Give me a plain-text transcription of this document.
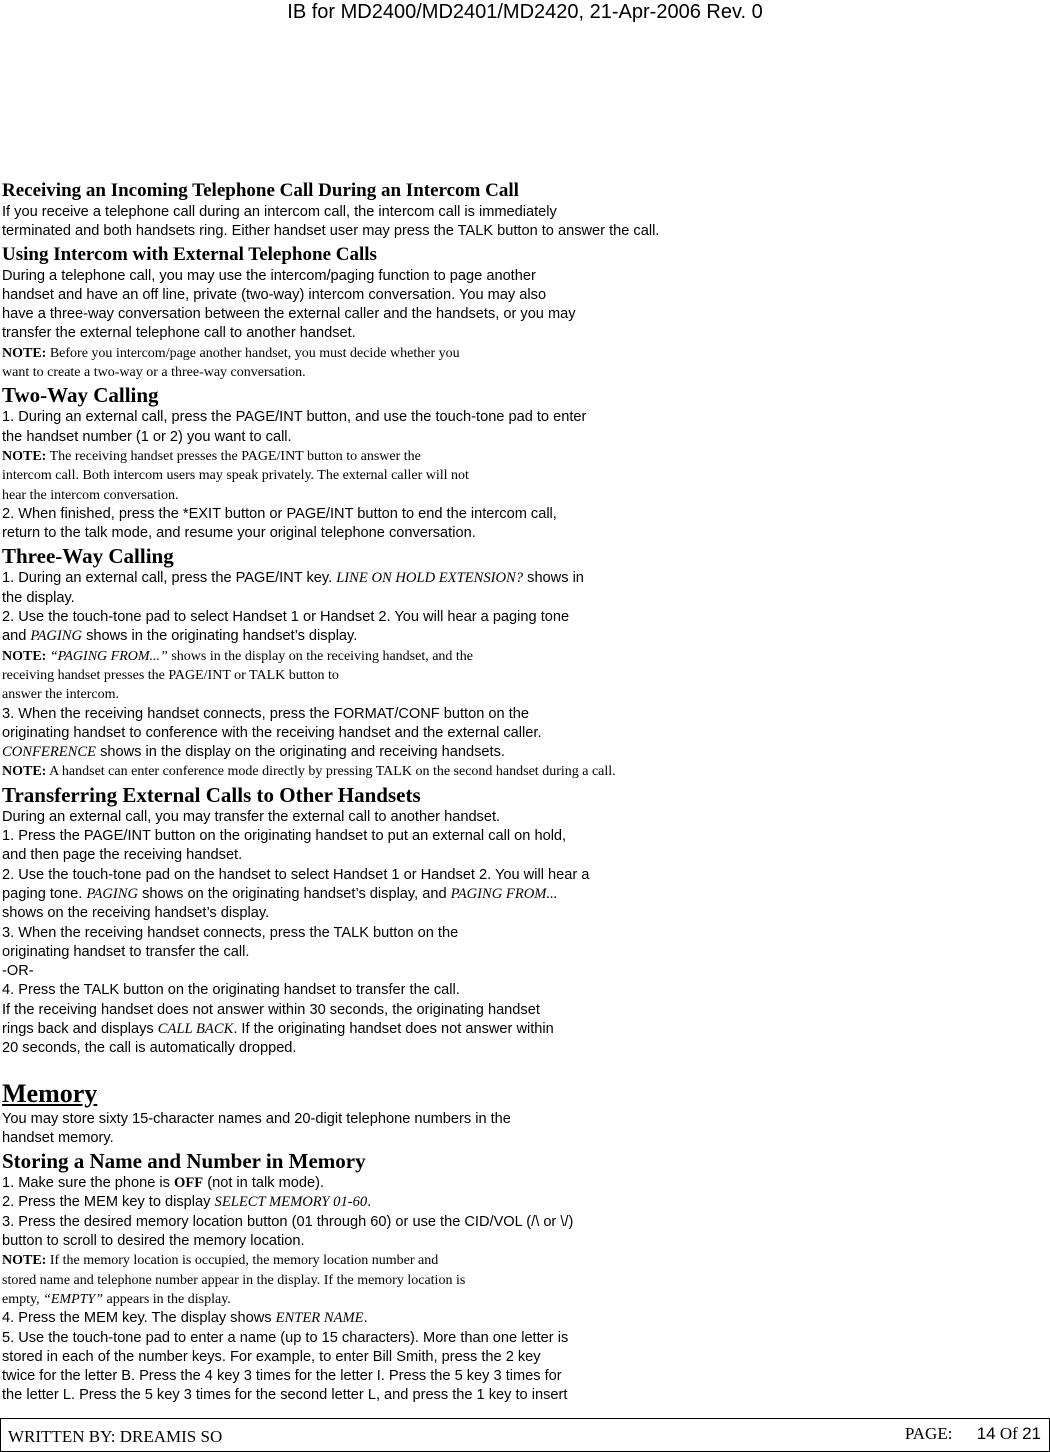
IB for MD2400/MD2401/MD2420, 21-Apr-2006 Rev. 0
Receiving an Incoming Telephone Call During an Intercom Call
If you receive a telephone call during an intercom call, the intercom call is immediately
terminated and both handsets ring. Either handset user may press the TALK button to answer the call.
Using Intercom with External Telephone Calls
During a telephone call, you may use the intercom/paging function to page another
handset and have an off line, private (two-way) intercom conversation. You may also
have a three-way conversation between the external caller and the handsets, or you may
transfer the external telephone call to another handset.
NOTE: Before you intercom/page another handset, you must decide whether you
want to create a two-way or a three-way conversation.
Two-Way Calling
1. During an external call, press the PAGE/INT button, and use the touch-tone pad to enter
the handset number (1 or 2) you want to call.
NOTE: The receiving handset presses the PAGE/INT button to answer the
intercom call. Both intercom users may speak privately. The external caller will not
hear the intercom conversation.
2. When finished, press the *EXIT button or PAGE/INT button to end the intercom call,
return to the talk mode, and resume your original telephone conversation.
Three-Way Calling
1. During an external call, press the PAGE/INT key. LINE ON HOLD EXTENSION? shows in
the display.
2. Use the touch-tone pad to select Handset 1 or Handset 2. You will hear a paging tone
and PAGING shows in the originating handset’s display.
NOTE: “PAGING FROM...” shows in the display on the receiving handset, and the
receiving handset presses the PAGE/INT or TALK button to
answer the intercom.
3. When the receiving handset connects, press the FORMAT/CONF button on the
originating handset to conference with the receiving handset and the external caller.
CONFERENCE shows in the display on the originating and receiving handsets.
NOTE: A handset can enter conference mode directly by pressing TALK on the second handset during a call.
Transferring External Calls to Other Handsets
During an external call, you may transfer the external call to another handset.
1. Press the PAGE/INT button on the originating handset to put an external call on hold,
and then page the receiving handset.
2. Use the touch-tone pad on the handset to select Handset 1 or Handset 2. You will hear a
paging tone. PAGING shows on the originating handset’s display, and PAGING FROM...
shows on the receiving handset’s display.
3. When the receiving handset connects, press the TALK button on the
originating handset to transfer the call.
-OR-
4. Press the TALK button on the originating handset to transfer the call.
If the receiving handset does not answer within 30 seconds, the originating handset
rings back and displays CALL BACK. If the originating handset does not answer within
20 seconds, the call is automatically dropped.
Memory
You may store sixty 15-character names and 20-digit telephone numbers in the
handset memory.
Storing a Name and Number in Memory
1. Make sure the phone is OFF (not in talk mode).
2. Press the MEM key to display SELECT MEMORY 01-60.
3. Press the desired memory location button (01 through 60) or use the CID/VOL (/\ or \/)
button to scroll to desired the memory location.
NOTE: If the memory location is occupied, the memory location number and
stored name and telephone number appear in the display. If the memory location is
empty, “EMPTY” appears in the display.
4. Press the MEM key. The display shows ENTER NAME.
5. Use the touch-tone pad to enter a name (up to 15 characters). More than one letter is
stored in each of the number keys. For example, to enter Bill Smith, press the 2 key
twice for the letter B. Press the 4 key 3 times for the letter I. Press the 5 key 3 times for
the letter L. Press the 5 key 3 times for the second letter L, and press the 1 key to insert
WRITTEN BY: DREAMIS SO	PAGE: 14 Of 21
